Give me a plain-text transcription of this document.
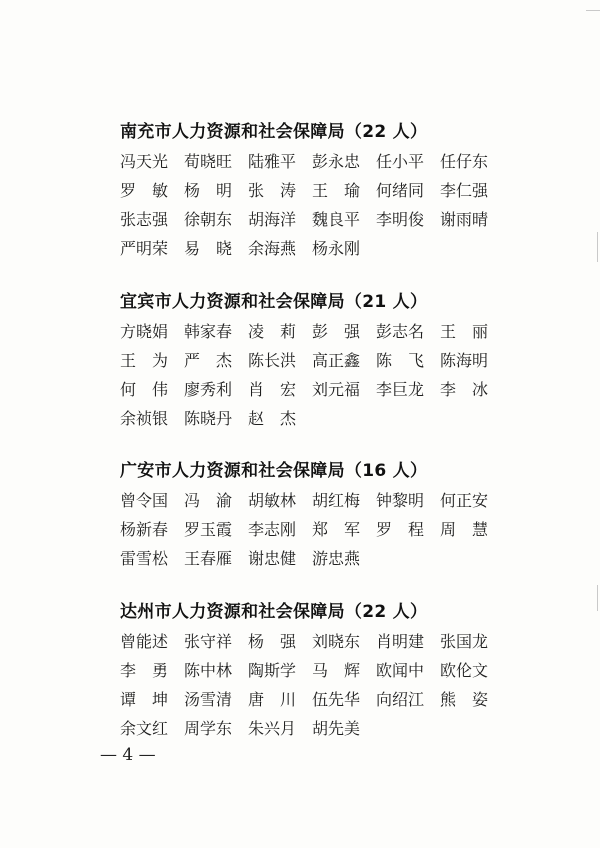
南充市人力资源和社会保障局（22 人）
冯天光 荀晓旺 陆雅平 彭永忠 任小平 任仔东
罗　敏 杨　明 张　涛 王　瑜 何绪同 李仁强
张志强 徐朝东 胡海洋 魏良平 李明俊 谢雨晴
严明荣 易　晓 余海燕 杨永刚
宜宾市人力资源和社会保障局（21 人）
方晓娟 韩家春 凌　莉 彭　强 彭志名 王　丽
王　为 严　杰 陈长洪 高正鑫 陈　飞 陈海明
何　伟 廖秀利 肖　宏 刘元福 李巨龙 李　冰
余祯银 陈晓丹 赵　杰
广安市人力资源和社会保障局（16 人）
曾令国 冯　渝 胡敏林 胡红梅 钟黎明 何正安
杨新春 罗玉霞 李志刚 郑　军 罗　程 周　慧
雷雪松 王春雁 谢忠健 游忠燕
达州市人力资源和社会保障局（22 人）
曾能述 张守祥 杨　强 刘晓东 肖明建 张国龙
李　勇 陈中林 陶斯学 马　辉 欧闻中 欧伦文
谭　坤 汤雪清 唐　川 伍先华 向绍江 熊　姿
余文红 周学东 朱兴月 胡先美
— 4 —
